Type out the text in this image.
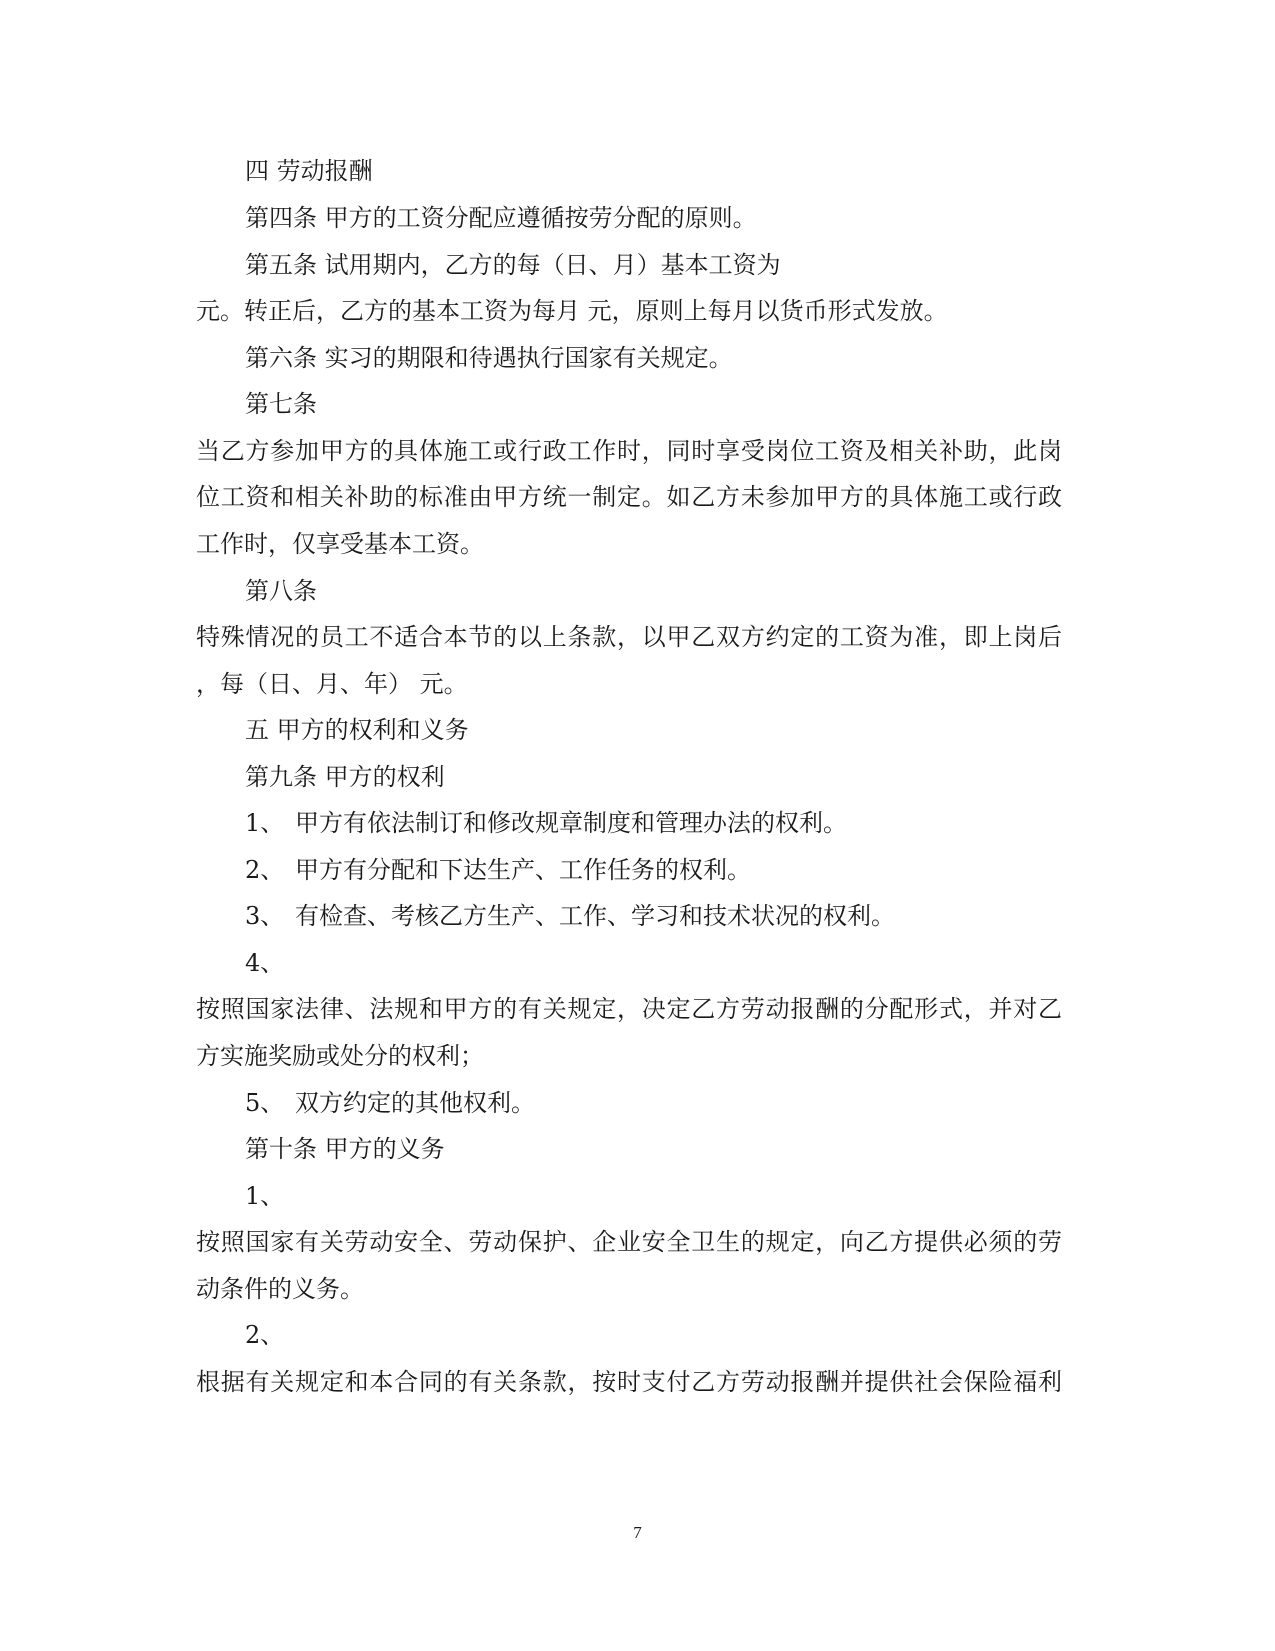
四 劳动报酬
第四条 甲方的工资分配应遵循按劳分配的原则。
第五条 试用期内，乙方的每（日、月）基本工资为
元。转正后，乙方的基本工资为每月 元，原则上每月以货币形式发放。
第六条 实习的期限和待遇执行国家有关规定。
第七条
当乙方参加甲方的具体施工或行政工作时，同时享受岗位工资及相关补助，此岗
位工资和相关补助的标准由甲方统一制定。如乙方未参加甲方的具体施工或行政
工作时，仅享受基本工资。
第八条
特殊情况的员工不适合本节的以上条款，以甲乙双方约定的工资为准，即上岗后
，每（日、月、年） 元。
五 甲方的权利和义务
第九条 甲方的权利
1、 甲方有依法制订和修改规章制度和管理办法的权利。
2、 甲方有分配和下达生产、工作任务的权利。
3、 有检查、考核乙方生产、工作、学习和技术状况的权利。
4、
按照国家法律、法规和甲方的有关规定，决定乙方劳动报酬的分配形式，并对乙
方实施奖励或处分的权利；
5、 双方约定的其他权利。
第十条 甲方的义务
1、
按照国家有关劳动安全、劳动保护、企业安全卫生的规定，向乙方提供必须的劳
动条件的义务。
2、
根据有关规定和本合同的有关条款，按时支付乙方劳动报酬并提供社会保险福利
7
